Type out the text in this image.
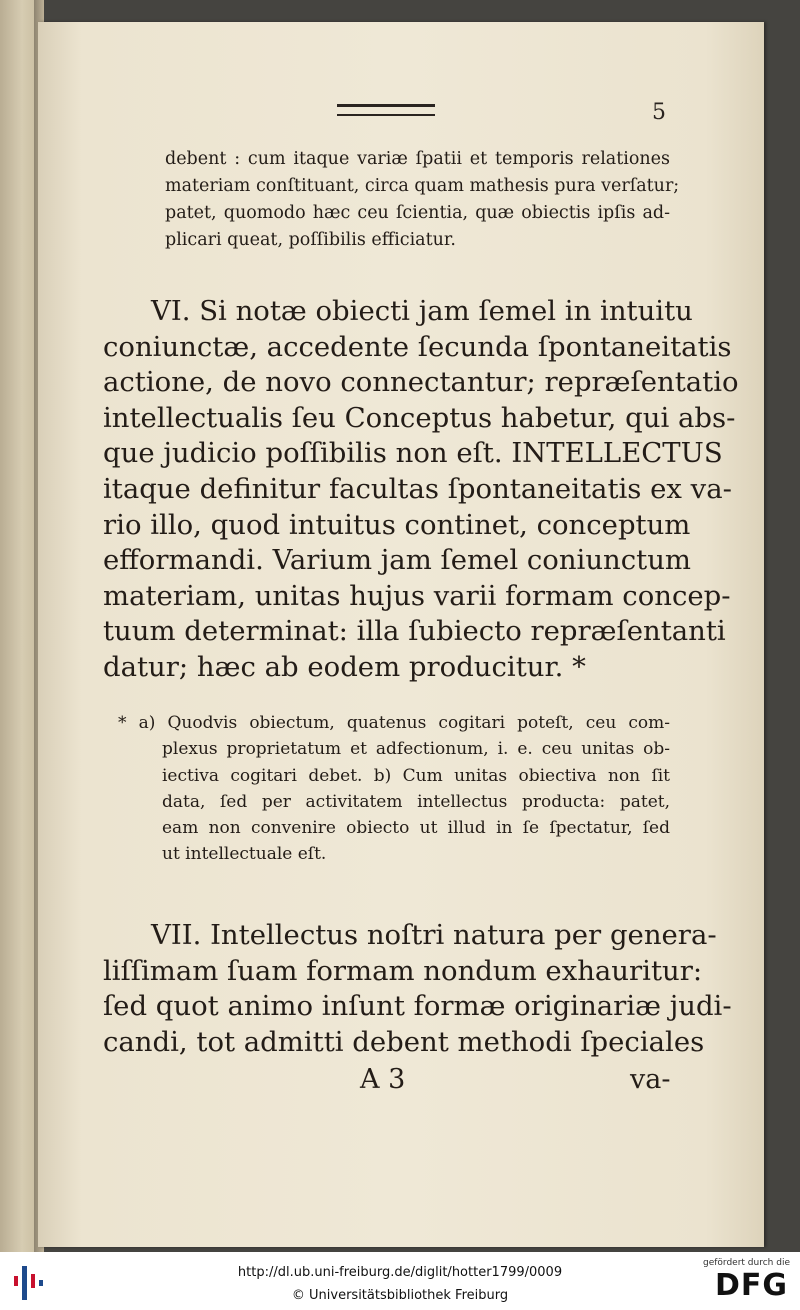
5
debent : cum itaque variæ ſpatii et temporis relationes
materiam conſtituant, circa quam mathesis pura verſatur;
patet, quomodo hæc ceu ſcientia, quæ obiectis ipſis ad-
plicari queat, poſſibilis efficiatur.
VI. Si notæ obiecti jam ſemel in intuitu
coniunctæ, accedente ſecunda ſpontaneitatis
actione, de novo connectantur; repræſentatio
intellectualis ſeu Conceptus habetur, qui abs-
que judicio poſſibilis non eſt. INTELLECTUS
itaque definitur facultas ſpontaneitatis ex va-
rio illo, quod intuitus continet, conceptum
efformandi. Varium jam ſemel coniunctum
materiam, unitas hujus varii formam concep-
tuum determinat: illa ſubiecto repræſentanti
datur; hæc ab eodem producitur. *
* a) Quodvis obiectum, quatenus cogitari poteſt, ceu com-
plexus proprietatum et adfectionum, i. e. ceu unitas ob-
iectiva cogitari debet. b) Cum unitas obiectiva non ſit
data, ſed per activitatem intellectus producta: patet,
eam non convenire obiecto ut illud in ſe ſpectatur, ſed
ut intellectuale eſt.
VII. Intellectus noſtri natura per genera-
liſſimam ſuam formam nondum exhauritur:
ſed quot animo inſunt formæ originariæ judi-
candi, tot admitti debent methodi ſpeciales
A 3	va-
http://dl.ub.uni-freiburg.de/diglit/hotter1799/0009
© Universitätsbibliothek Freiburg
gefördert durch die
DFG
